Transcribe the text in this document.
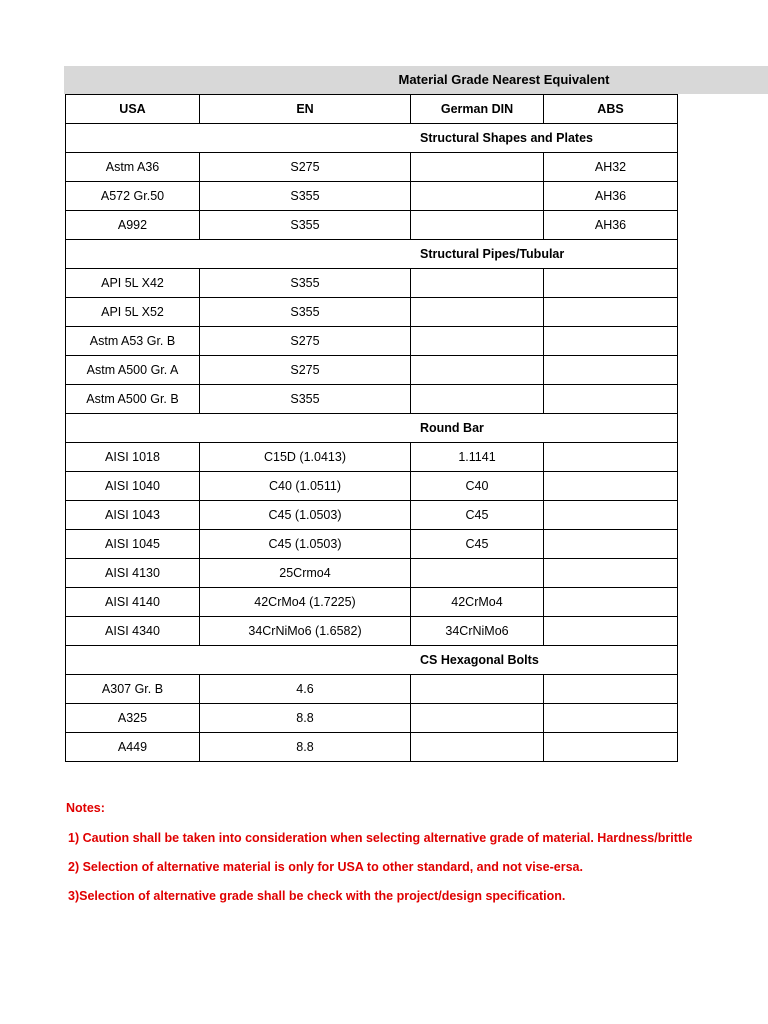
Material Grade Nearest Equivalent
USA	EN	German DIN	ABS
Structural Shapes and Plates			
Astm A36	S275		AH32
A572 Gr.50	S355		AH36
A992	S355		AH36
Structural Pipes/Tubular			
API 5L X42	S355		
API 5L X52	S355		
Astm A53 Gr. B	S275		
Astm A500 Gr. A	S275		
Astm A500 Gr. B	S355		
Round Bar			
AISI 1018	C15D (1.0413)	1.1141	
AISI 1040	C40 (1.0511)	C40	
AISI 1043	C45 (1.0503)	C45	
AISI 1045	C45 (1.0503)	C45	
AISI 4130	25Crmo4		
AISI 4140	42CrMo4 (1.7225)	42CrMo4	
AISI 4340	34CrNiMo6 (1.6582)	34CrNiMo6	
CS Hexagonal Bolts			
A307 Gr. B	4.6		
A325	8.8		
A449	8.8		
Notes:
1) Caution shall be taken into consideration when selecting alternative grade of material. Hardness/brittle
2) Selection of alternative material is only for USA to other standard, and not vise-ersa.
3)Selection of alternative grade shall be check with the project/design specification.
